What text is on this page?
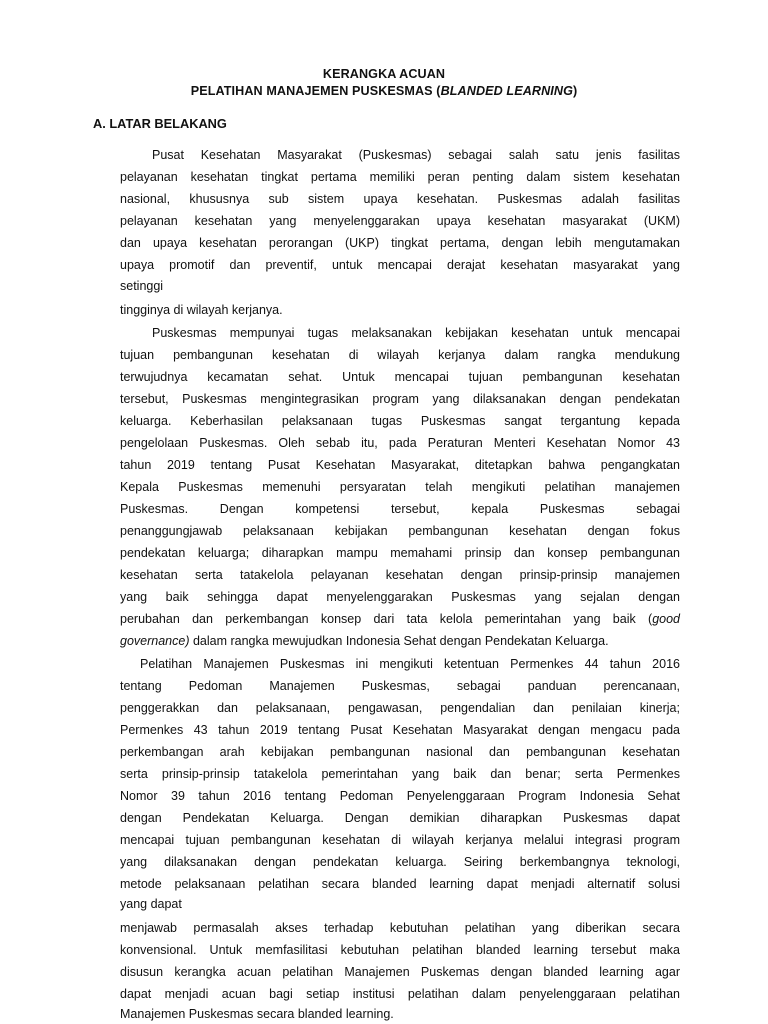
KERANGKA ACUAN
PELATIHAN MANAJEMEN PUSKESMAS (BLANDED LEARNING)
A. LATAR BELAKANG
Pusat Kesehatan Masyarakat (Puskesmas) sebagai salah satu jenis fasilitas
pelayanan kesehatan tingkat pertama memiliki peran penting dalam sistem kesehatan
nasional, khususnya sub sistem upaya kesehatan. Puskesmas adalah fasilitas
pelayanan kesehatan yang menyelenggarakan upaya kesehatan masyarakat (UKM)
dan upaya kesehatan perorangan (UKP) tingkat pertama, dengan lebih mengutamakan
upaya promotif dan preventif, untuk mencapai derajat kesehatan masyarakat yang
setinggi
tingginya di wilayah kerjanya.
Puskesmas mempunyai tugas melaksanakan kebijakan kesehatan untuk mencapai
tujuan pembangunan kesehatan di wilayah kerjanya dalam rangka mendukung
terwujudnya kecamatan sehat. Untuk mencapai tujuan pembangunan kesehatan
tersebut, Puskesmas mengintegrasikan program yang dilaksanakan dengan pendekatan
keluarga. Keberhasilan pelaksanaan tugas Puskesmas sangat tergantung kepada
pengelolaan Puskesmas. Oleh sebab itu, pada Peraturan Menteri Kesehatan Nomor 43
tahun 2019 tentang Pusat Kesehatan Masyarakat, ditetapkan bahwa pengangkatan
Kepala Puskesmas memenuhi persyaratan telah mengikuti pelatihan manajemen
Puskesmas. Dengan kompetensi tersebut, kepala Puskesmas sebagai
penanggungjawab pelaksanaan kebijakan pembangunan kesehatan dengan fokus
pendekatan keluarga; diharapkan mampu memahami prinsip dan konsep pembangunan
kesehatan serta tatakelola pelayanan kesehatan dengan prinsip-prinsip manajemen
yang baik sehingga dapat menyelenggarakan Puskesmas yang sejalan dengan
perubahan dan perkembangan konsep dari tata kelola pemerintahan yang baik (good
governance) dalam rangka mewujudkan Indonesia Sehat dengan Pendekatan Keluarga.
Pelatihan Manajemen Puskesmas ini mengikuti ketentuan Permenkes 44 tahun 2016
tentang Pedoman Manajemen Puskesmas, sebagai panduan perencanaan,
penggerakkan dan pelaksanaan, pengawasan, pengendalian dan penilaian kinerja;
Permenkes 43 tahun 2019 tentang Pusat Kesehatan Masyarakat dengan mengacu pada
perkembangan arah kebijakan pembangunan nasional dan pembangunan kesehatan
serta prinsip-prinsip tatakelola pemerintahan yang baik dan benar; serta Permenkes
Nomor 39 tahun 2016 tentang Pedoman Penyelenggaraan Program Indonesia Sehat
dengan Pendekatan Keluarga. Dengan demikian diharapkan Puskesmas dapat
mencapai tujuan pembangunan kesehatan di wilayah kerjanya melalui integrasi program
yang dilaksanakan dengan pendekatan keluarga. Seiring berkembangnya teknologi,
metode pelaksanaan pelatihan secara blanded learning dapat menjadi alternatif solusi
yang dapat
menjawab permasalah akses terhadap kebutuhan pelatihan yang diberikan secara
konvensional. Untuk memfasilitasi kebutuhan pelatihan blanded learning tersebut maka
disusun kerangka acuan pelatihan Manajemen Puskemas dengan blanded learning agar
dapat menjadi acuan bagi setiap institusi pelatihan dalam penyelenggaraan pelatihan
Manajemen Puskesmas secara blanded learning.
